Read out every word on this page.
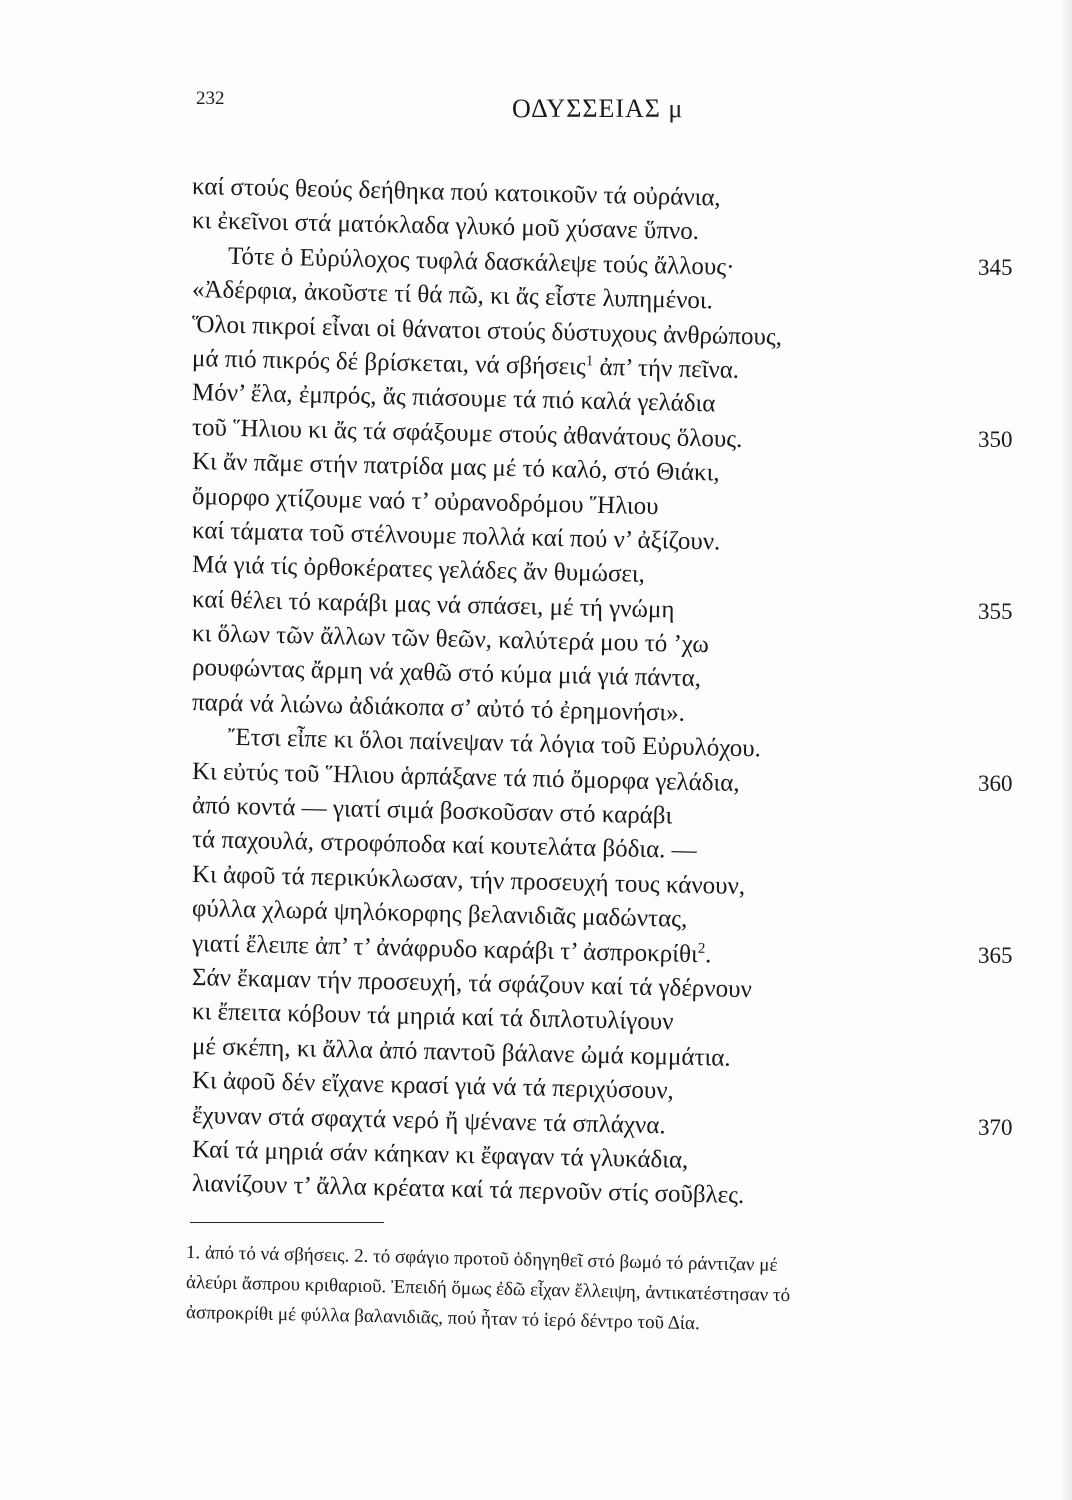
232	ΟΔΥΣΣΕΙΑΣ μ
καί στούς θεούς δεήθηκα πού κατοικοῦν τά οὐράνια,
κι ἐκεῖνοι στά ματόκλαδα γλυκό μοῦ χύσανε ὕπνο.
Τότε ὁ Εὐρύλοχος τυφλά δασκάλεψε τούς ἄλλους·
«Ἀδέρφια, ἀκοῦστε τί θά πῶ, κι ἄς εἶστε λυπημένοι.
Ὅλοι πικροί εἶναι οἱ θάνατοι στούς δύστυχους ἀνθρώπους,
μά πιό πικρός δέ βρίσκεται, νά σβήσεις$^1$ ἀπ’ τήν πεῖνα.
Μόν’ ἔλα, ἐμπρός, ἄς πιάσουμε τά πιό καλά γελάδια
τοῦ Ἥλιου κι ἄς τά σφάξουμε στούς ἀθανάτους ὅλους.
Κι ἄν πᾶμε στήν πατρίδα μας μέ τό καλό, στό Θιάκι,
ὄμορφο χτίζουμε ναό τ’ οὐρανοδρόμου Ἥλιου
καί τάματα τοῦ στέλνουμε πολλά καί πού ν’ ἀξίζουν.
Μά γιά τίς ὀρθοκέρατες γελάδες ἄν θυμώσει,
καί θέλει τό καράβι μας νά σπάσει, μέ τή γνώμη
κι ὅλων τῶν ἄλλων τῶν θεῶν, καλύτερά μου τό ’χω
ρουφώντας ἄρμη νά χαθῶ στό κύμα μιά γιά πάντα,
παρά νά λιώνω ἀδιάκοπα σ’ αὐτό τό ἐρημονήσι».
Ἔτσι εἶπε κι ὅλοι παίνεψαν τά λόγια τοῦ Εὐρυλόχου.
Κι εὐτύς τοῦ Ἥλιου ἁρπάξανε τά πιό ὄμορφα γελάδια,
ἀπό κοντά — γιατί σιμά βοσκοῦσαν στό καράβι
τά παχουλά, στροφόποδα καί κουτελάτα βόδια. —
Κι ἀφοῦ τά περικύκλωσαν, τήν προσευχή τους κάνουν,
φύλλα χλωρά ψηλόκορφης βελανιδιᾶς μαδώντας,
γιατί ἔλειπε ἀπ’ τ’ ἀνάφρυδο καράβι τ’ ἀσπροκρίθι$^2$.
Σάν ἔκαμαν τήν προσευχή, τά σφάζουν καί τά γδέρνουν
κι ἔπειτα κόβουν τά μηριά καί τά διπλοτυλίγουν
μέ σκέπη, κι ἄλλα ἀπό παντοῦ βάλανε ὠμά κομμάτια.
Κι ἀφοῦ δέν εἴχανε κρασί γιά νά τά περιχύσουν,
ἔχυναν στά σφαχτά νερό ἤ ψένανε τά σπλάχνα.
Καί τά μηριά σάν κάηκαν κι ἔφαγαν τά γλυκάδια,
λιανίζουν τ’ ἄλλα κρέατα καί τά περνοῦν στίς σοῦβλες.
345
350
355
360
365
370
1. ἀπό τό νά σβήσεις. 2. τό σφάγιο προτοῦ ὁδηγηθεῖ στό βωμό τό ράντιζαν μέ
ἀλεύρι ἄσπρου κριθαριοῦ. Ἐπειδή ὅμως ἐδῶ εἶχαν ἔλλειψη, ἀντικατέστησαν τό
ἀσπροκρίθι μέ φύλλα βαλανιδιᾶς, πού ἦταν τό ἱερό δέντρο τοῦ Δία.
